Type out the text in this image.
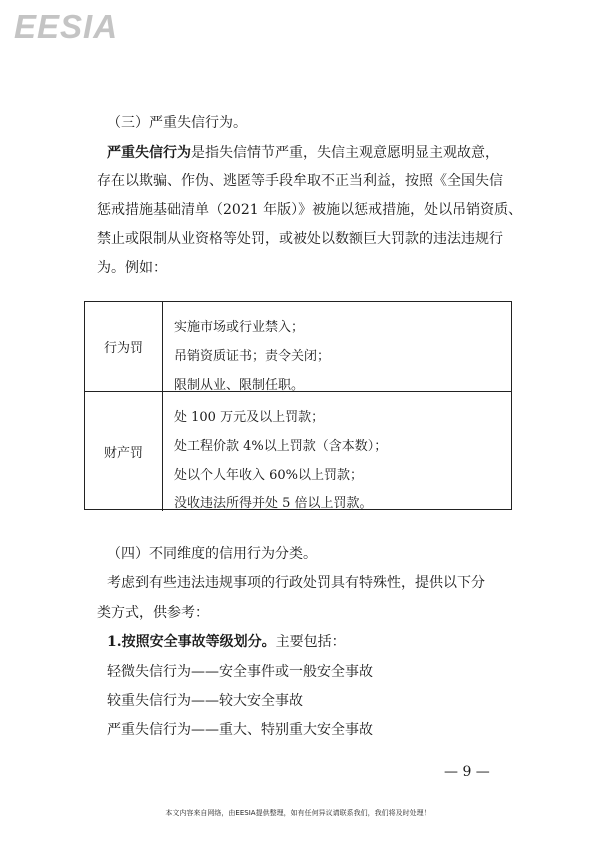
EESIA
（三）严重失信行为。
严重失信行为是指失信情节严重，失信主观意愿明显主观故意，
存在以欺骗、作伪、逃匿等手段牟取不正当利益，按照《全国失信
惩戒措施基础清单（2021 年版）》被施以惩戒措施，处以吊销资质、
禁止或限制从业资格等处罚，或被处以数额巨大罚款的违法违规行
为。例如：
行为罚
实施市场或行业禁入；
吊销资质证书；责令关闭；
限制从业、限制任职。
财产罚
处 100 万元及以上罚款；
处工程价款 4%以上罚款（含本数）；
处以个人年收入 60%以上罚款；
没收违法所得并处 5 倍以上罚款。
（四）不同维度的信用行为分类。
考虑到有些违法违规事项的行政处罚具有特殊性，提供以下分
类方式，供参考：
1.按照安全事故等级划分。主要包括：
轻微失信行为——安全事件或一般安全事故
较重失信行为——较大安全事故
严重失信行为——重大、特别重大安全事故
— 9 —
本文内容来自网络，由EESIA提供整理，如有任何异议请联系我们，我们将及时处理！
